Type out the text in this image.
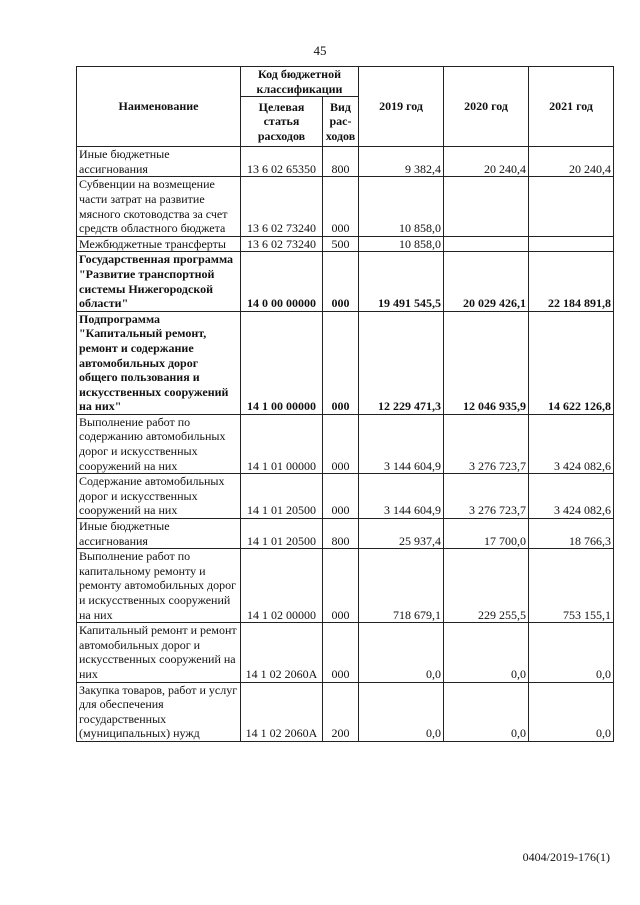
45
Наименование	Код бюджетной классификации		2019 год	2020 год	2021 год
	Целевая статья расходов	Вид рас- ходов			
Иные бюджетные ассигнования	13 6 02 65350	800	9 382,4	20 240,4	20 240,4
Субвенции на возмещение части затрат на развитие мясного скотоводства за счет средств областного бюджета	13 6 02 73240	000	10 858,0		
Межбюджетные трансферты	13 6 02 73240	500	10 858,0		
Государственная программа "Развитие транспортной системы Нижегородской области"	14 0 00 00000	000	19 491 545,5	20 029 426,1	22 184 891,8
Подпрограмма "Капитальный ремонт, ремонт и содержание автомобильных дорог общего пользования и искусственных сооружений на них"	14 1 00 00000	000	12 229 471,3	12 046 935,9	14 622 126,8
Выполнение работ по содержанию автомобильных дорог и искусственных сооружений на них	14 1 01 00000	000	3 144 604,9	3 276 723,7	3 424 082,6
Содержание автомобильных дорог и искусственных сооружений на них	14 1 01 20500	000	3 144 604,9	3 276 723,7	3 424 082,6
Иные бюджетные ассигнования	14 1 01 20500	800	25 937,4	17 700,0	18 766,3
Выполнение работ по капитальному ремонту и ремонту автомобильных дорог и искусственных сооружений на них	14 1 02 00000	000	718 679,1	229 255,5	753 155,1
Капитальный ремонт и ремонт автомобильных дорог и искусственных сооружений на них	14 1 02 2060А	000	0,0	0,0	0,0
Закупка товаров, работ и услуг для обеспечения государственных (муниципальных) нужд	14 1 02 2060А	200	0,0	0,0	0,0
0404/2019-176(1)
